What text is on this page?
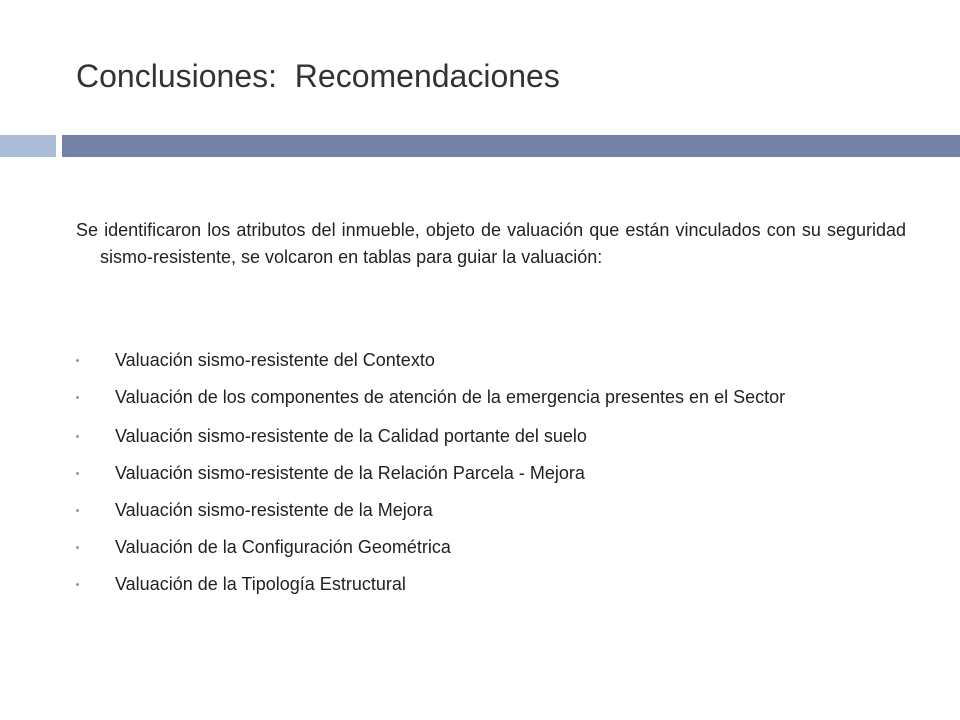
Conclusiones:  Recomendaciones

Se identificaron los atributos del inmueble, objeto de valuación que están vinculados con su seguridad sismo-resistente, se volcaron en tablas para guiar la valuación:

Valuación sismo-resistente del Contexto
Valuación de los componentes de atención de la emergencia presentes en el Sector
Valuación sismo-resistente de la Calidad portante del suelo
Valuación sismo-resistente de la Relación Parcela - Mejora
Valuación sismo-resistente de la Mejora
Valuación de la Configuración Geométrica
Valuación de la Tipología Estructural
